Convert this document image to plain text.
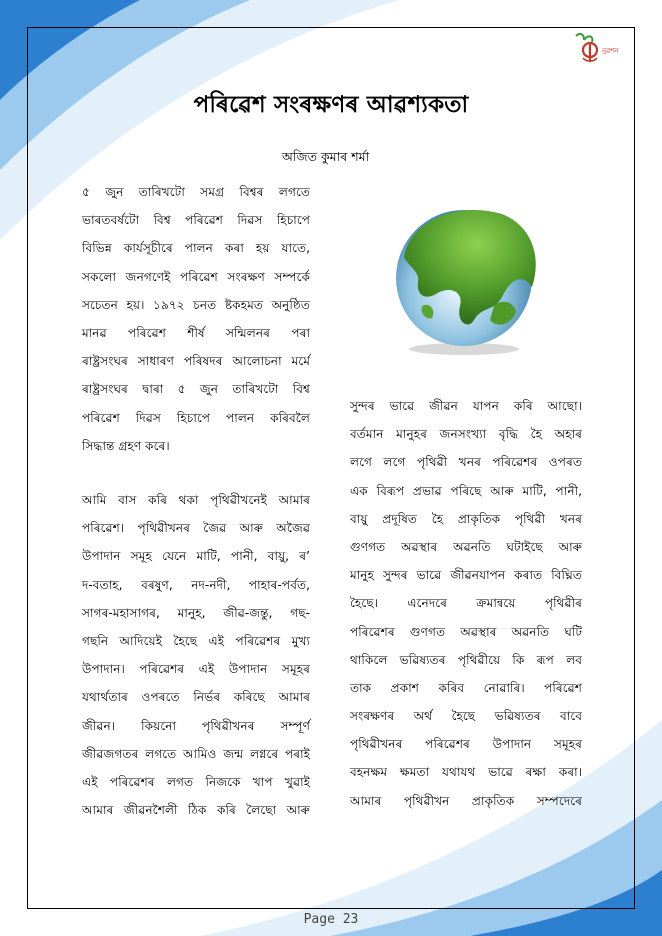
নুৱশন
পৰিৱেশ সংৰক্ষণৰ আৱশ্যকতা
অজিত কুমাৰ শৰ্মা
৫ জুন তাৰিখটো সমগ্ৰ বিশ্বৰ লগতে
ভাৰতবৰ্ষটো বিশ্ব পৰিৱেশ দিৱস হিচাপে
বিভিন্ন কাৰ্যসূচীৰে পালন কৰা হয় যাতে,
সকলো জনগণেই পৰিৱেশ সংৰক্ষণ সম্পৰ্কে
সচেতন হয়। ১৯৭২ চনত ষ্টকহমত অনুষ্ঠিত
মানৱ পৰিৱেশ শীৰ্ষ সন্মিলনৰ পৰা
ৰাষ্ট্ৰসংঘৰ সাধাৰণ পৰিষদৰ আলোচনা মৰ্মে
ৰাষ্ট্ৰসংঘৰ দ্বাৰা ৫ জুন তাৰিখটো বিশ্ব
পৰিৱেশ দিৱস হিচাপে পালন কৰিবলৈ
সিদ্ধান্ত গ্ৰহণ কৰে।
আমি বাস কৰি থকা পৃথিৱীখনেই আমাৰ
পৰিৱেশ। পৃথিৱীখনৰ জৈৱ আৰু অজৈৱ
উপাদান সমূহ যেনে মাটি, পানী, বায়ু, ৰ’
দ-বতাহ, বৰষুণ, নদ-নদী, পাহাৰ-পৰ্বত,
সাগৰ-মহাসাগৰ, মানুহ, জীৱ-জন্তু, গছ-
গছনি আদিয়েই হৈছে এই পৰিৱেশৰ মুখ্য
উপাদান। পৰিৱেশৰ এই উপাদান সমূহৰ
যথাৰ্থতাৰ ওপৰতে নিৰ্ভৰ কৰিছে আমাৰ
জীৱন। কিয়নো পৃথিৱীখনৰ সম্পূৰ্ণ
জীৱজগতৰ লগতে আমিও জন্ম লগ্নৰে পৰাই
এই পৰিৱেশৰ লগত নিজকে খাপ খুৱাই
আমাৰ জীৱনশৈলী ঠিক কৰি লৈছো আৰু
সুন্দৰ ভাৱে জীৱন যাপন কৰি আছো।
বৰ্তমান মানুহৰ জনসংখ্যা বৃদ্ধি হৈ অহাৰ
লগে লগে পৃথিৱী খনৰ পৰিৱেশৰ ওপৰত
এক বিৰূপ প্ৰভাৱ পৰিছে আৰু মাটি, পানী,
বায়ু প্ৰদূষিত হৈ প্ৰাকৃতিক পৃথিৱী খনৰ
গুণগত অৱস্থাৰ অৱনতি ঘটাইছে আৰু
মানুহ সুন্দৰ ভাৱে জীৱনযাপন কৰাত বিঘ্নিত
হৈছে। এনেদৰে ক্ৰমান্বয়ে পৃথিৱীৰ
পৰিৱেশৰ গুণগত অৱস্থাৰ অৱনতি ঘটি
থাকিলে ভৱিষ্যতৰ পৃথিৱীয়ে কি ৰূপ লব
তাক প্ৰকাশ কৰিব নোৱাৰি। পৰিৱেশ
সংৰক্ষণৰ অৰ্থ হৈছে ভৱিষ্যতৰ বাবে
পৃথিৱীখনৰ পৰিৱেশৰ উপাদান সমূহৰ
বহনক্ষম ক্ষমতা যথাযথ ভাৱে ৰক্ষা কৰা।
আমাৰ পৃথিৱীখন প্ৰাকৃতিক সম্পদেৰে
Page 23
